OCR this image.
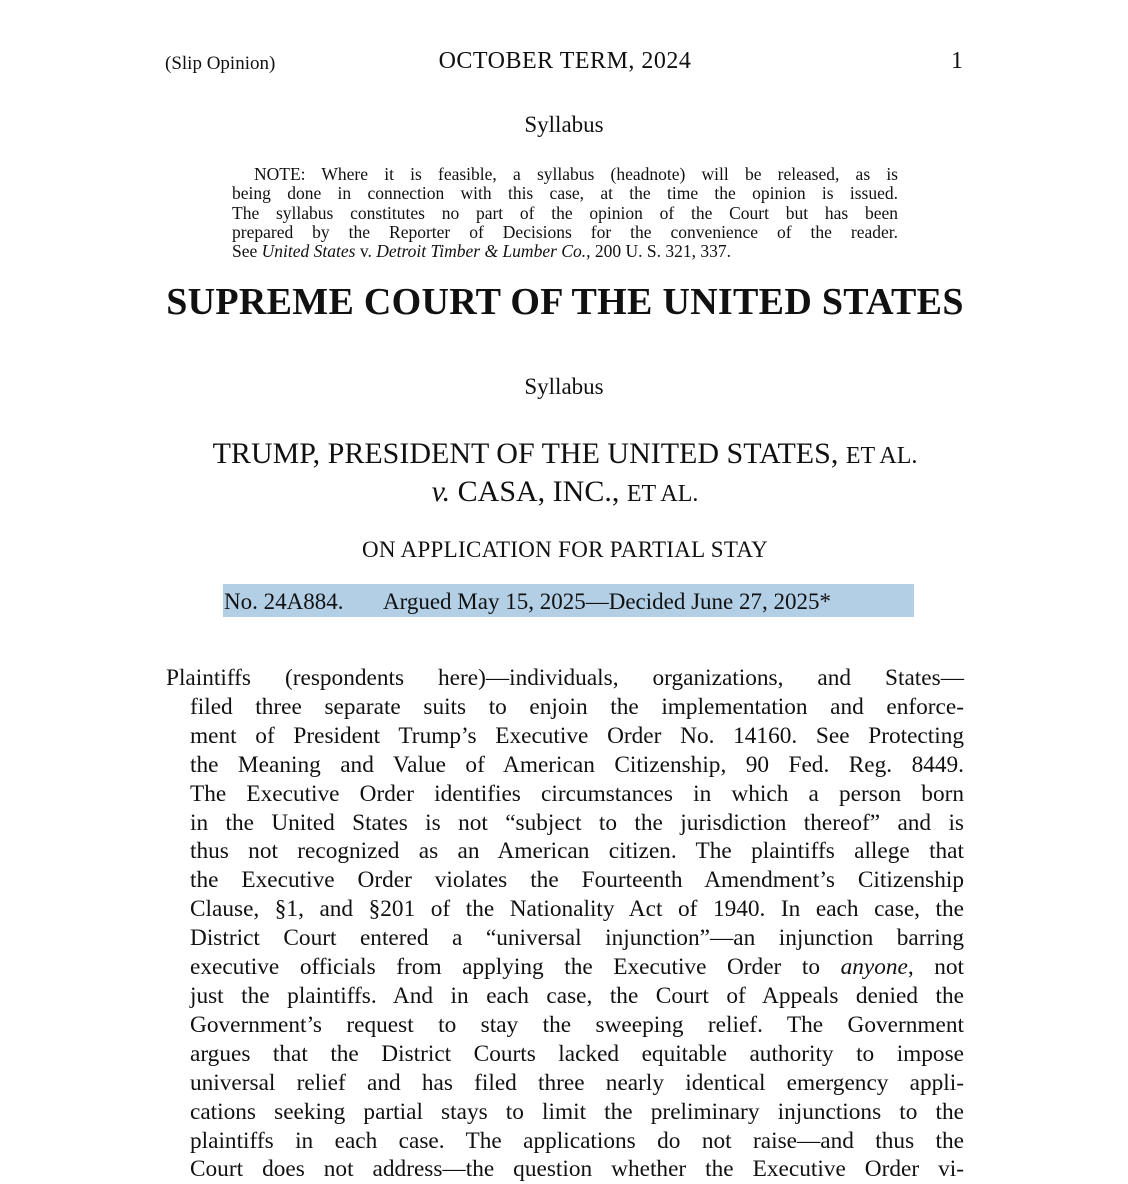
(Slip Opinion)	OCTOBER TERM, 2024	1
Syllabus
NOTE: Where it is feasible, a syllabus (headnote) will be released, as is
being done in connection with this case, at the time the opinion is issued.
The syllabus constitutes no part of the opinion of the Court but has been
prepared by the Reporter of Decisions for the convenience of the reader.
See United States v. Detroit Timber & Lumber Co., 200 U. S. 321, 337.
SUPREME COURT OF THE UNITED STATES
Syllabus
TRUMP, PRESIDENT OF THE UNITED STATES, ET AL.
v. CASA, INC., ET AL.
ON APPLICATION FOR PARTIAL STAY
No. 24A884. Argued May 15, 2025—Decided June 27, 2025*
Plaintiffs (respondents here)—individuals, organizations, and States—
filed three separate suits to enjoin the implementation and enforce-
ment of President Trump’s Executive Order No. 14160. See Protecting
the Meaning and Value of American Citizenship, 90 Fed. Reg. 8449.
The Executive Order identifies circumstances in which a person born
in the United States is not “subject to the jurisdiction thereof” and is
thus not recognized as an American citizen. The plaintiffs allege that
the Executive Order violates the Fourteenth Amendment’s Citizenship
Clause, §1, and §201 of the Nationality Act of 1940. In each case, the
District Court entered a “universal injunction”—an injunction barring
executive officials from applying the Executive Order to anyone, not
just the plaintiffs. And in each case, the Court of Appeals denied the
Government’s request to stay the sweeping relief. The Government
argues that the District Courts lacked equitable authority to impose
universal relief and has filed three nearly identical emergency appli-
cations seeking partial stays to limit the preliminary injunctions to the
plaintiffs in each case. The applications do not raise—and thus the
Court does not address—the question whether the Executive Order vi-
